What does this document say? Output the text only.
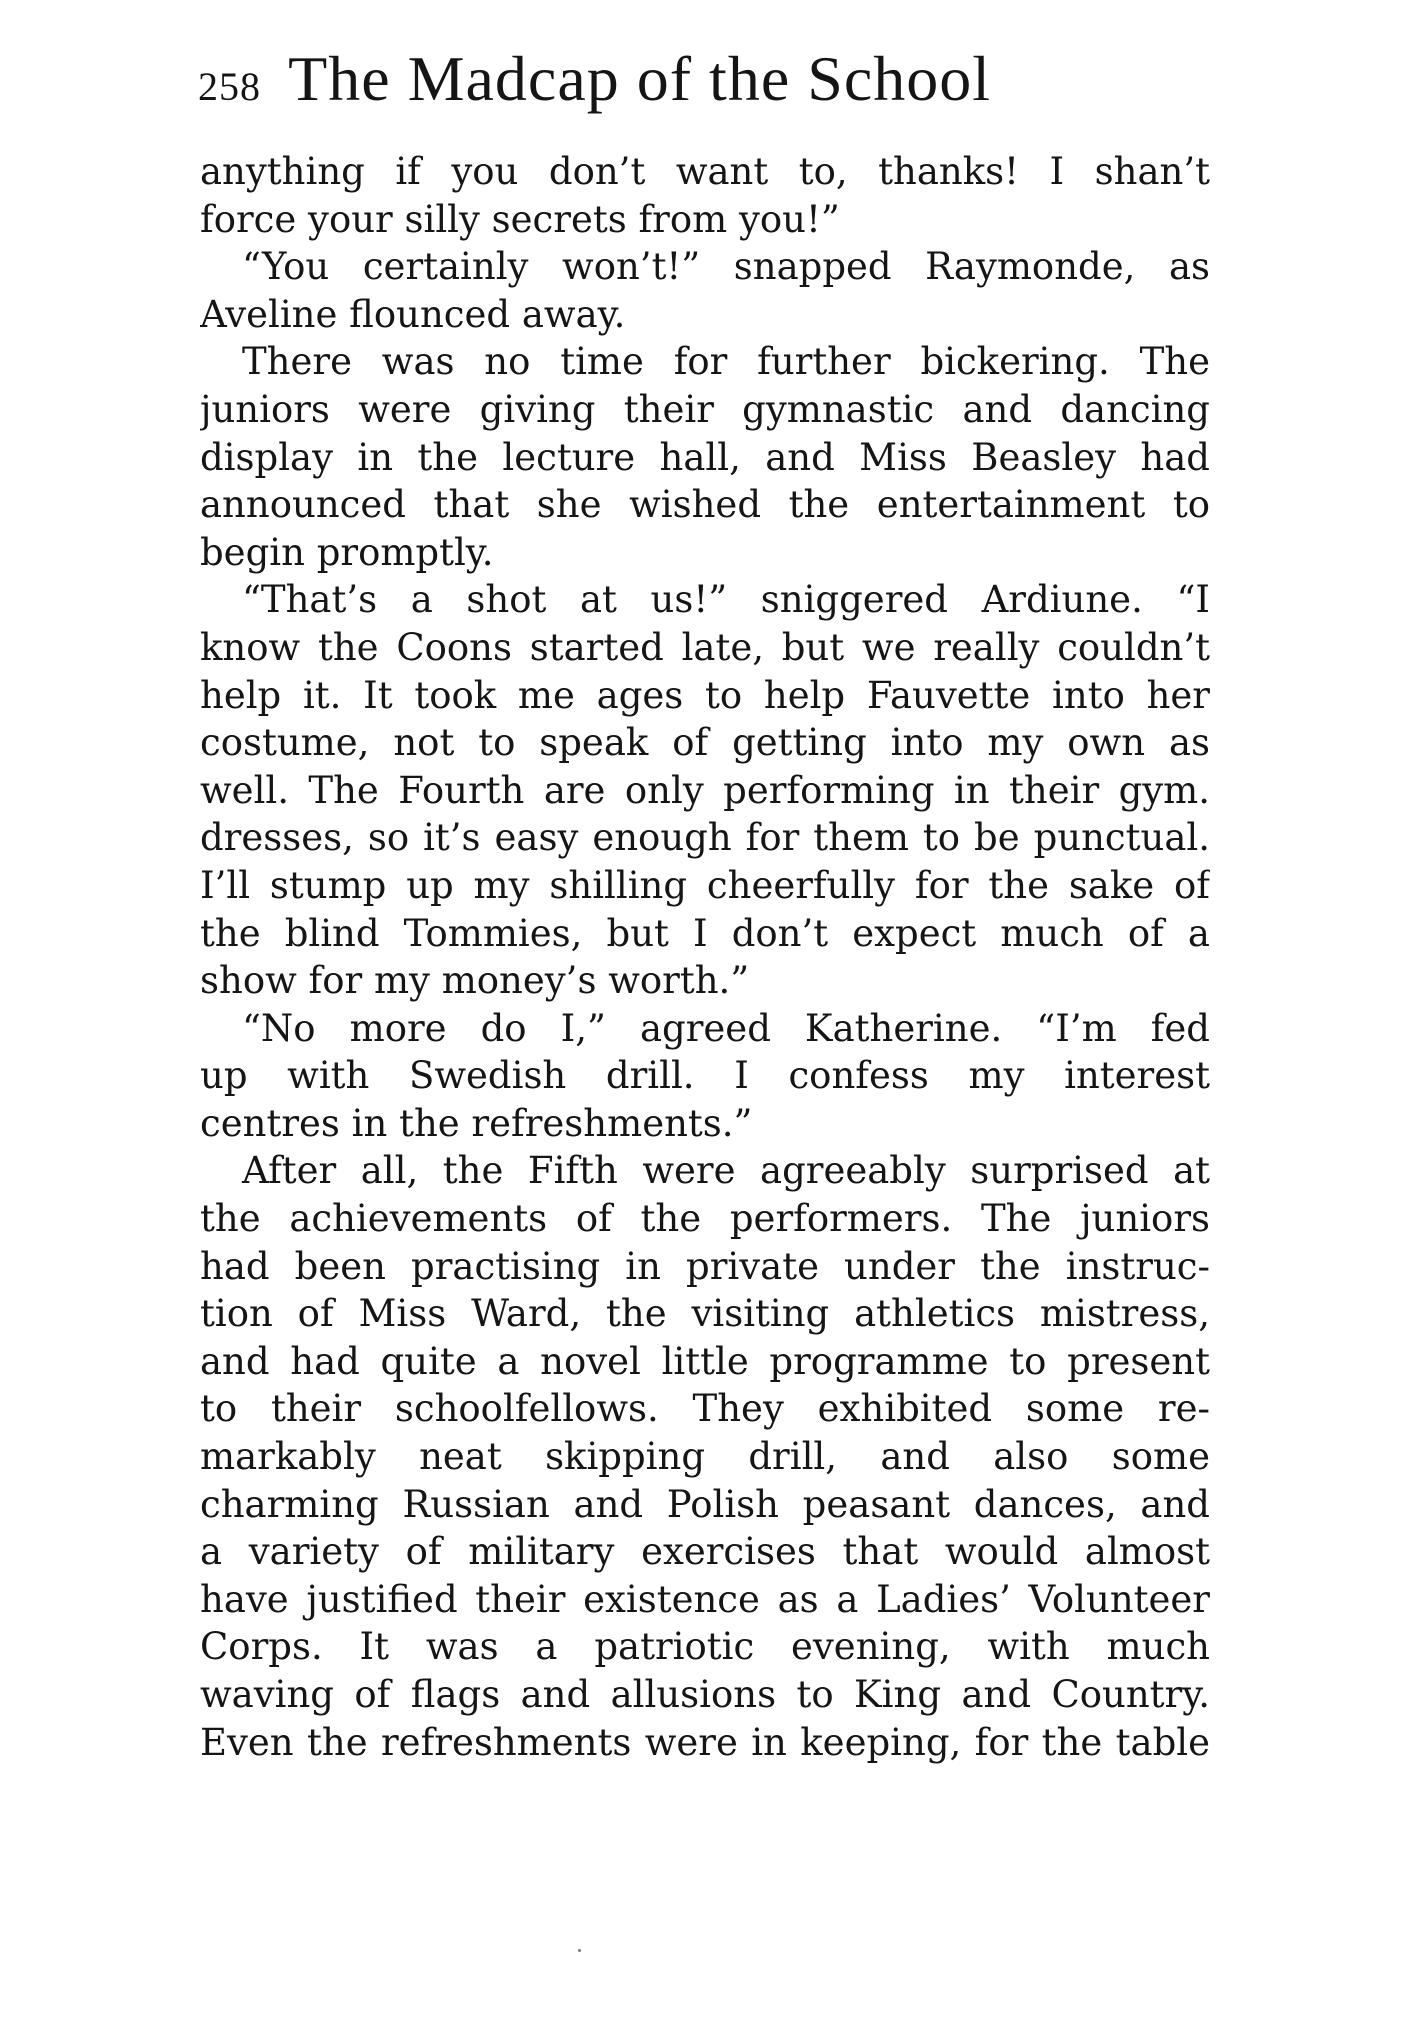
258 The Madcap of the School
anything if you don’t want to, thanks! I shan’t
force your silly secrets from you!”
“You certainly won’t!” snapped Raymonde, as
Aveline flounced away.
There was no time for further bickering. The
juniors were giving their gymnastic and dancing
display in the lecture hall, and Miss Beasley had
announced that she wished the entertainment to
begin promptly.
“That’s a shot at us!” sniggered Ardiune. “I
know the Coons started late, but we really couldn’t
help it. It took me ages to help Fauvette into her
costume, not to speak of getting into my own as
well. The Fourth are only performing in their gym.
dresses, so it’s easy enough for them to be punctual.
I’ll stump up my shilling cheerfully for the sake of
the blind Tommies, but I don’t expect much of a
show for my money’s worth.”
“No more do I,” agreed Katherine. “I’m fed
up with Swedish drill. I confess my interest
centres in the refreshments.”
After all, the Fifth were agreeably surprised at
the achievements of the performers. The juniors
had been practising in private under the instruc-
tion of Miss Ward, the visiting athletics mistress,
and had quite a novel little programme to present
to their schoolfellows. They exhibited some re-
markably neat skipping drill, and also some
charming Russian and Polish peasant dances, and
a variety of military exercises that would almost
have justified their existence as a Ladies’ Volunteer
Corps. It was a patriotic evening, with much
waving of flags and allusions to King and Country.
Even the refreshments were in keeping, for the table
